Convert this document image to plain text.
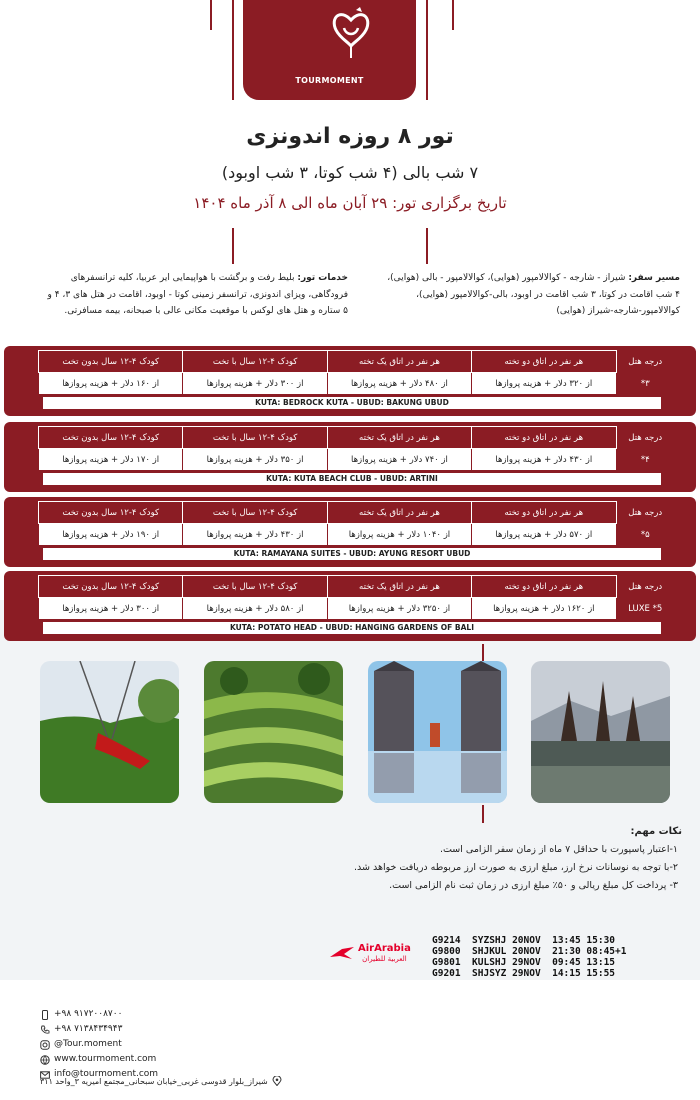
TOURMOMENT
تور ۸ روزه اندونزی
۷ شب بالی (۴ شب کوتا، ۳ شب اوبود)
تاریخ برگزاری تور: ۲۹ آبان ماه الی ۸ آذر ماه ۱۴۰۴
مسیر سفر: شیراز - شارجه - کوالالامپور (هوایی)، کوالالامپور - بالی (هوایی)، ۴ شب اقامت در کوتا، ۳ شب اقامت در اوبود، بالی-کوالالامپور (هوایی)، کوالالامپور-شارجه-شیراز (هوایی)
خدمات تور: بلیط رفت و برگشت با هواپیمایی ایر عربیا، کلیه ترانسفرهای فرودگاهی، ویزای اندونزی، ترانسفر زمینی کوتا - اوبود، اقامت در هتل های ۳، ۴ و ۵ ستاره و هتل های لوکس با موقعیت مکانی عالی با صبحانه، بیمه مسافرتی.
درجه هتل	هر نفر در اتاق دو تخته	هر نفر در اتاق یک تخته	کودک ۴-۱۲ سال با تخت	کودک ۴-۱۲ سال بدون تخت
۳*	از ۳۲۰ دلار + هزینه پروازها	از ۴۸۰ دلار + هزینه پروازها	از ۳۰۰ دلار + هزینه پروازها	از ۱۶۰ دلار + هزینه پروازها
KUTA: BEDROCK KUTA - UBUD: BAKUNG UBUD
درجه هتل	هر نفر در اتاق دو تخته	هر نفر در اتاق یک تخته	کودک ۴-۱۲ سال با تخت	کودک ۴-۱۲ سال بدون تخت
۴*	از ۴۳۰ دلار + هزینه پروازها	از ۷۴۰ دلار + هزینه پروازها	از ۳۵۰ دلار + هزینه پروازها	از ۱۷۰ دلار + هزینه پروازها
KUTA: KUTA BEACH CLUB - UBUD: ARTINI
درجه هتل	هر نفر در اتاق دو تخته	هر نفر در اتاق یک تخته	کودک ۴-۱۲ سال با تخت	کودک ۴-۱۲ سال بدون تخت
۵*	از ۵۷۰ دلار + هزینه پروازها	از ۱۰۴۰ دلار + هزینه پروازها	از ۴۳۰ دلار + هزینه پروازها	از ۱۹۰ دلار + هزینه پروازها
KUTA: RAMAYANA SUITES - UBUD: AYUNG RESORT UBUD
درجه هتل	هر نفر در اتاق دو تخته	هر نفر در اتاق یک تخته	کودک ۴-۱۲ سال با تخت	کودک ۴-۱۲ سال بدون تخت
5* LUXE	از ۱۶۲۰ دلار + هزینه پروازها	از ۳۲۵۰ دلار + هزینه پروازها	از ۵۸۰ دلار + هزینه پروازها	از ۳۰۰ دلار + هزینه پروازها
KUTA: POTATO HEAD - UBUD: HANGING GARDENS OF BALI
نکات مهم:
۱-اعتبار پاسپورت با حداقل ۷ ماه از زمان سفر الزامی است.
۲-با توجه به نوسانات نرخ ارز، مبلغ ارزی به صورت ارز مربوطه دریافت خواهد شد.
۳- پرداخت کل مبلغ ریالی و ۵۰٪ مبلغ ارزی در زمان ثبت نام الزامی است.
AirArabia
العربية للطيران
G9214  SYZSHJ 20NOV  13:45 15:30
G9800  SHJKUL 20NOV  21:30 08:45+1
G9801  KULSHJ 29NOV  09:45 13:15
G9201  SHJSYZ 29NOV  14:15 15:55
+۹۸ ۹۱۷۲۰۰۸۷۰۰
+۹۸ ۷۱۳۸۴۳۴۹۴۳
@Tour.moment
www.tourmoment.com
info@tourmoment.com
شیراز_بلوار قدوسی غربی_خیابان سبحانی_مجتمع امیریه ۳_واحد ۳۱۱
